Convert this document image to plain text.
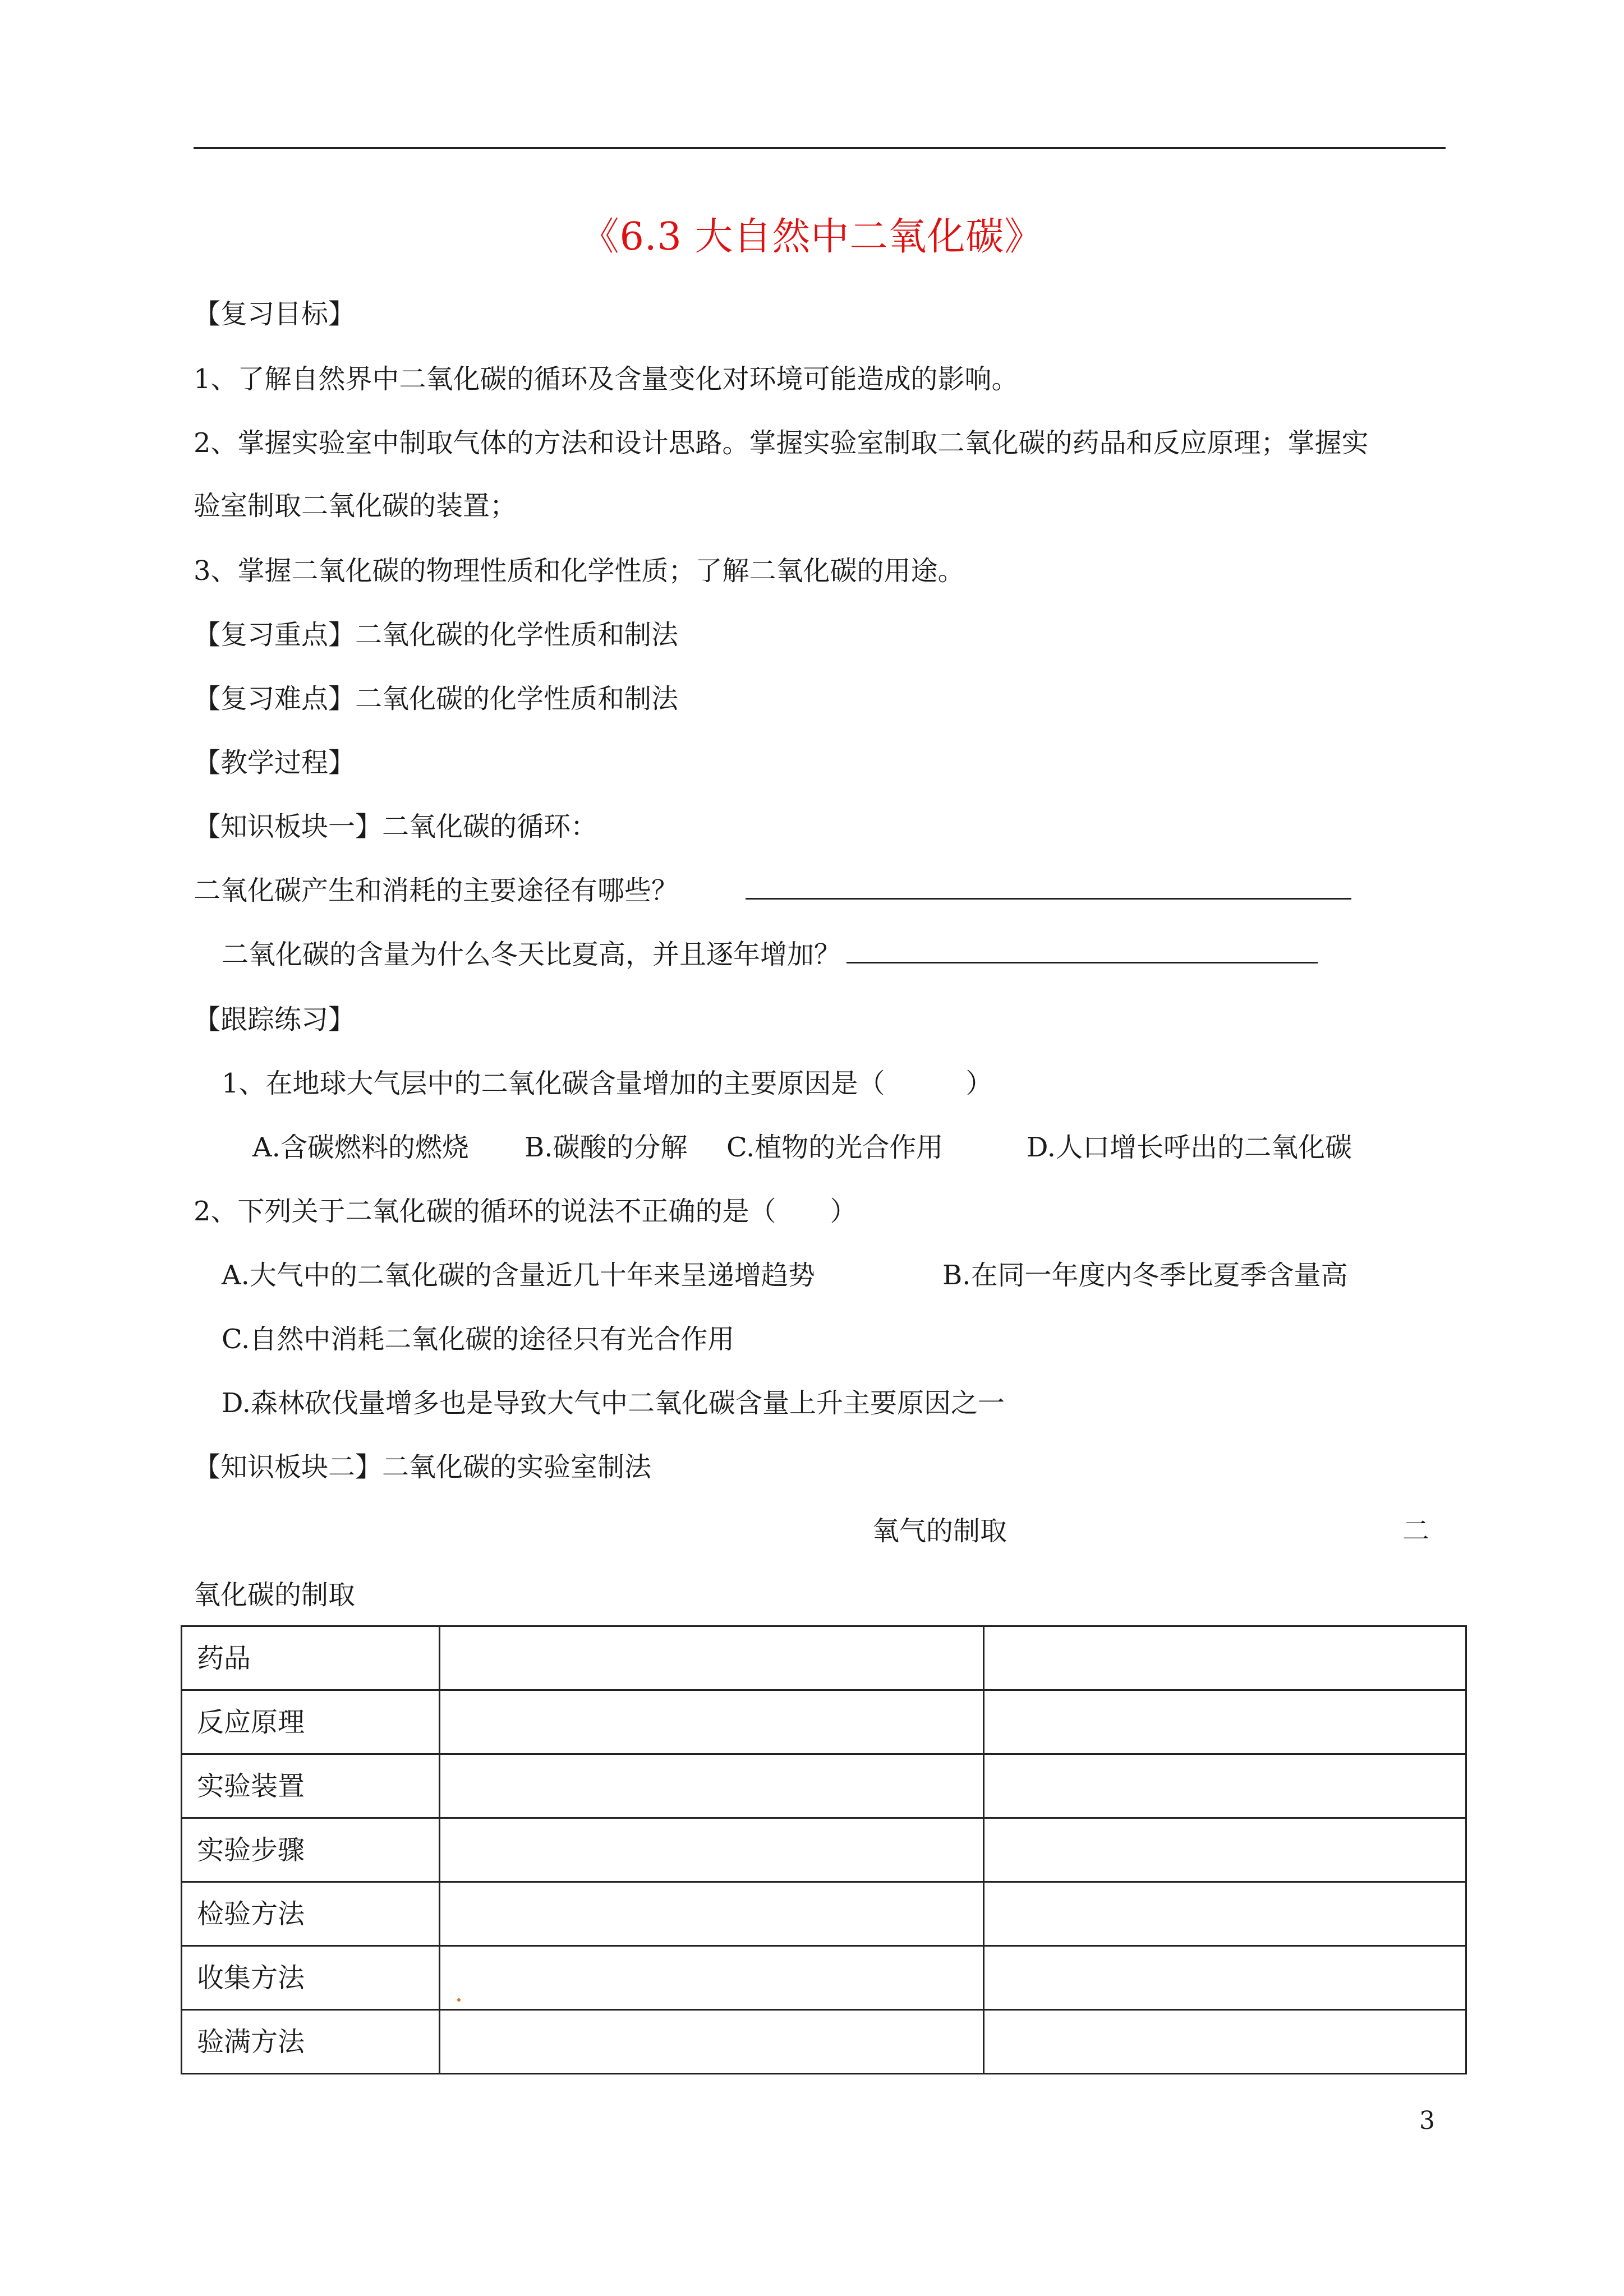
《6.3 大自然中二氧化碳》
【复习目标】
1、了解自然界中二氧化碳的循环及含量变化对环境可能造成的影响。
2、掌握实验室中制取气体的方法和设计思路。掌握实验室制取二氧化碳的药品和反应原理；掌握实
验室制取二氧化碳的装置；
3、掌握二氧化碳的物理性质和化学性质；了解二氧化碳的用途。
【复习重点】二氧化碳的化学性质和制法
【复习难点】二氧化碳的化学性质和制法
【教学过程】
【知识板块一】二氧化碳的循环：
二氧化碳产生和消耗的主要途径有哪些？
二氧化碳的含量为什么冬天比夏高，并且逐年增加？
【跟踪练习】
1、在地球大气层中的二氧化碳含量增加的主要原因是（　　　）
A.含碳燃料的燃烧 B.碳酸的分解 C.植物的光合作用	D.人口增长呼出的二氧化碳
2、下列关于二氧化碳的循环的说法不正确的是（　　）
A.大气中的二氧化碳的含量近几十年来呈递增趋势	B.在同一年度内冬季比夏季含量高
C.自然中消耗二氧化碳的途径只有光合作用
D.森林砍伐量增多也是导致大气中二氧化碳含量上升主要原因之一
【知识板块二】二氧化碳的实验室制法
氧气的制取	二
氧化碳的制取
药品		
反应原理		
实验装置		
实验步骤		
检验方法		
收集方法		
验满方法		
3
